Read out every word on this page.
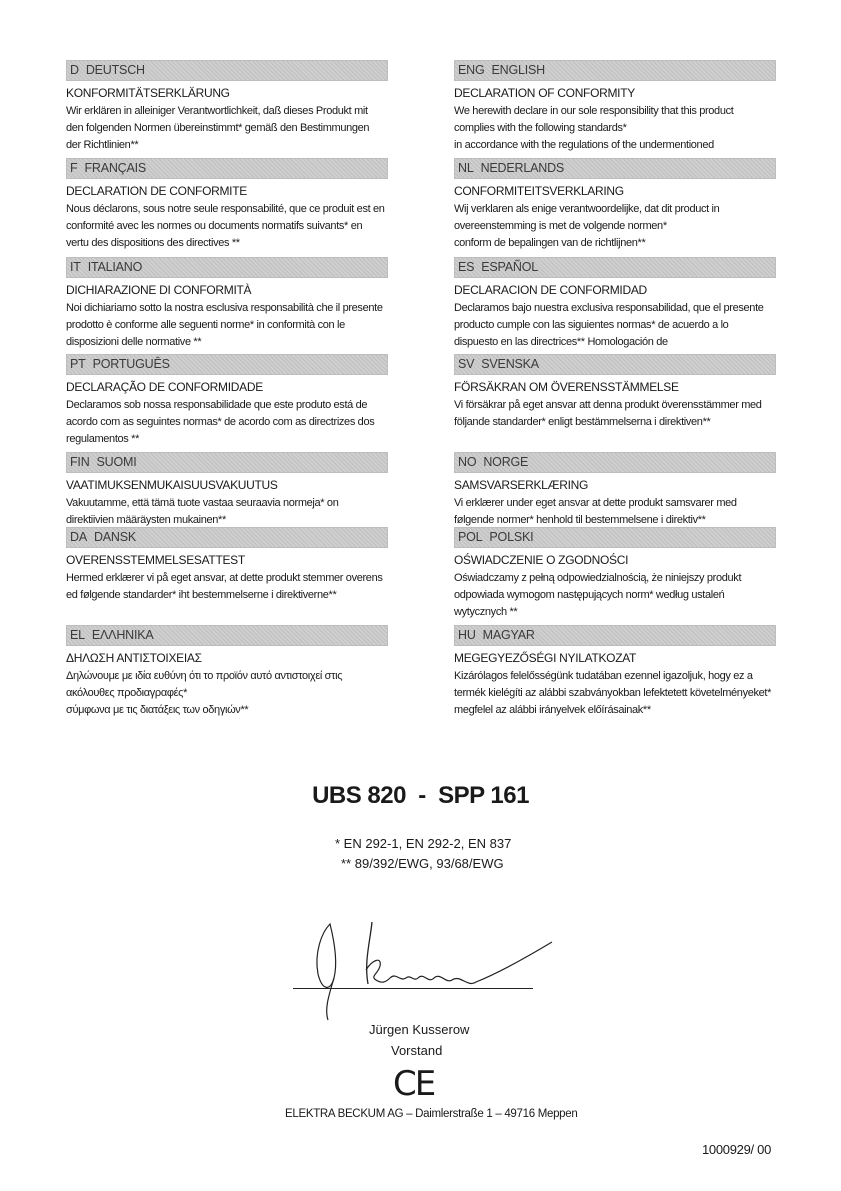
D DEUTSCH
KONFORMITÄTSERKLÄRUNG
Wir erklären in alleiniger Verantwortlichkeit, daß dieses Produkt mit
den folgenden Normen übereinstimmt* gemäß den Bestimmungen
der Richtlinien**
ENG ENGLISH
DECLARATION OF CONFORMITY
We herewith declare in our sole responsibility that this product
complies with the following standards*
in accordance with the regulations of the undermentioned
F FRANÇAIS
DECLARATION DE CONFORMITE
Nous déclarons, sous notre seule responsabilité, que ce produit est en
conformité avec les normes ou documents normatifs suivants* en
vertu des dispositions des directives **
NL NEDERLANDS
CONFORMITEITSVERKLARING
Wij verklaren als enige verantwoordelijke, dat dit product in
overeenstemming is met de volgende normen*
conform de bepalingen van de richtlijnen**
IT ITALIANO
DICHIARAZIONE DI CONFORMITÀ
Noi dichiariamo sotto la nostra esclusiva responsabilità che il presente
prodotto è conforme alle seguenti norme* in conformità con le
disposizioni delle normative **
ES ESPAÑOL
DECLARACION DE CONFORMIDAD
Declaramos bajo nuestra exclusiva responsabilidad, que el presente
producto cumple con las siguientes normas* de acuerdo a lo
dispuesto en las directrices** Homologación de
PT PORTUGUÊS
DECLARAÇÃO DE CONFORMIDADE
Declaramos sob nossa responsabilidade que este produto está de
acordo com as seguintes normas* de acordo com as directrizes dos
regulamentos **
SV SVENSKA
FÖRSÄKRAN OM ÖVERENSSTÄMMELSE
Vi försäkrar på eget ansvar att denna produkt överensstämmer med
följande standarder* enligt bestämmelserna i direktiven**
FIN SUOMI
VAATIMUKSENMUKAISUUSVAKUUTUS
Vakuutamme, että tämä tuote vastaa seuraavia normeja* on
direktiivien määräysten mukainen**
NO NORGE
SAMSVARSERKLÆRING
Vi erklærer under eget ansvar at dette produkt samsvarer med
følgende normer* henhold til bestemmelsene i direktiv**
DA DANSK
OVERENSSTEMMELSESATTEST
Hermed erklærer vi på eget ansvar, at dette produkt stemmer overens
ed følgende standarder* iht bestemmelserne i direktiverne**
POL POLSKI
OŚWIADCZENIE O ZGODNOŚCI
Oświadczamy z pełną odpowiedzialnością, że niniejszy produkt
odpowiada wymogom następujących norm* według ustaleń
wytycznych **
EL ΕΛΛΗΝΙΚΑ
ΔΗΛΩΣΗ ΑΝΤΙΣΤΟΙΧΕΙΑΣ
Δηλώνουμε με ιδία ευθύνη ότι το προϊόν αυτό αντιστοιχεί στις
ακόλουθες προδιαγραφές*
σύμφωνα με τις διατάξεις των οδηγιών**
HU MAGYAR
MEGEGYEZŐSÉGI NYILATKOZAT
Kizárólagos felelősségünk tudatában ezennel igazoljuk, hogy ez a
termék kielégíti az alábbi szabványokban lefektetett követelményeket*
megfelel az alábbi irányelvek előírásainak**
UBS 820  -  SPP 161
* EN 292-1, EN 292-2, EN 837
** 89/392/EWG, 93/68/EWG
Jürgen Kusserow
Vorstand
CE
ELEKTRA BECKUM AG – Daimlerstraße 1 – 49716 Meppen
1000929/ 00
